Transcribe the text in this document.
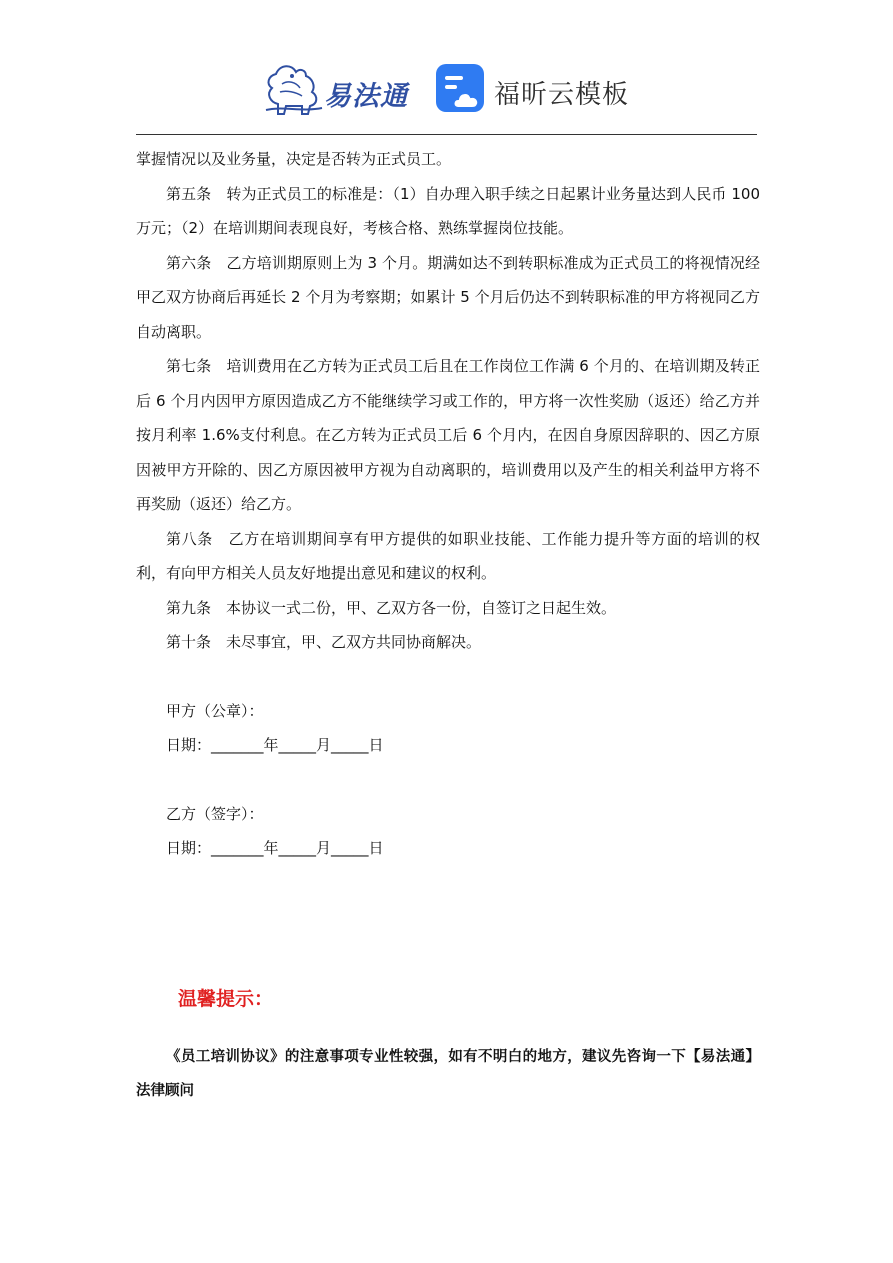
易法通	福昕云模板

掌握情况以及业务量，决定是否转为正式员工。

第五条　转为正式员工的标准是：（1）自办理入职手续之日起累计业务量达到人民币 100 万元；（2）在培训期间表现良好，考核合格、熟练掌握岗位技能。

第六条　乙方培训期原则上为 3 个月。期满如达不到转职标准成为正式员工的将视情况经甲乙双方协商后再延长 2 个月为考察期；如累计 5 个月后仍达不到转职标准的甲方将视同乙方自动离职。

第七条　培训费用在乙方转为正式员工后且在工作岗位工作满 6 个月的、在培训期及转正后 6 个月内因甲方原因造成乙方不能继续学习或工作的，甲方将一次性奖励（返还）给乙方并按月利率 1.6%支付利息。在乙方转为正式员工后 6 个月内，在因自身原因辞职的、因乙方原因被甲方开除的、因乙方原因被甲方视为自动离职的，培训费用以及产生的相关利益甲方将不再奖励（返还）给乙方。

第八条　乙方在培训期间享有甲方提供的如职业技能、工作能力提升等方面的培训的权利，有向甲方相关人员友好地提出意见和建议的权利。

第九条　本协议一式二份，甲、乙双方各一份，自签订之日起生效。

第十条　未尽事宜，甲、乙双方共同协商解决。

甲方（公章）：
日期：_______年_____月_____日
乙方（签字）：
日期：_______年_____月_____日
温馨提示：
《员工培训协议》的注意事项专业性较强，如有不明白的地方，建议先咨询一下【易法通】法律顾问
